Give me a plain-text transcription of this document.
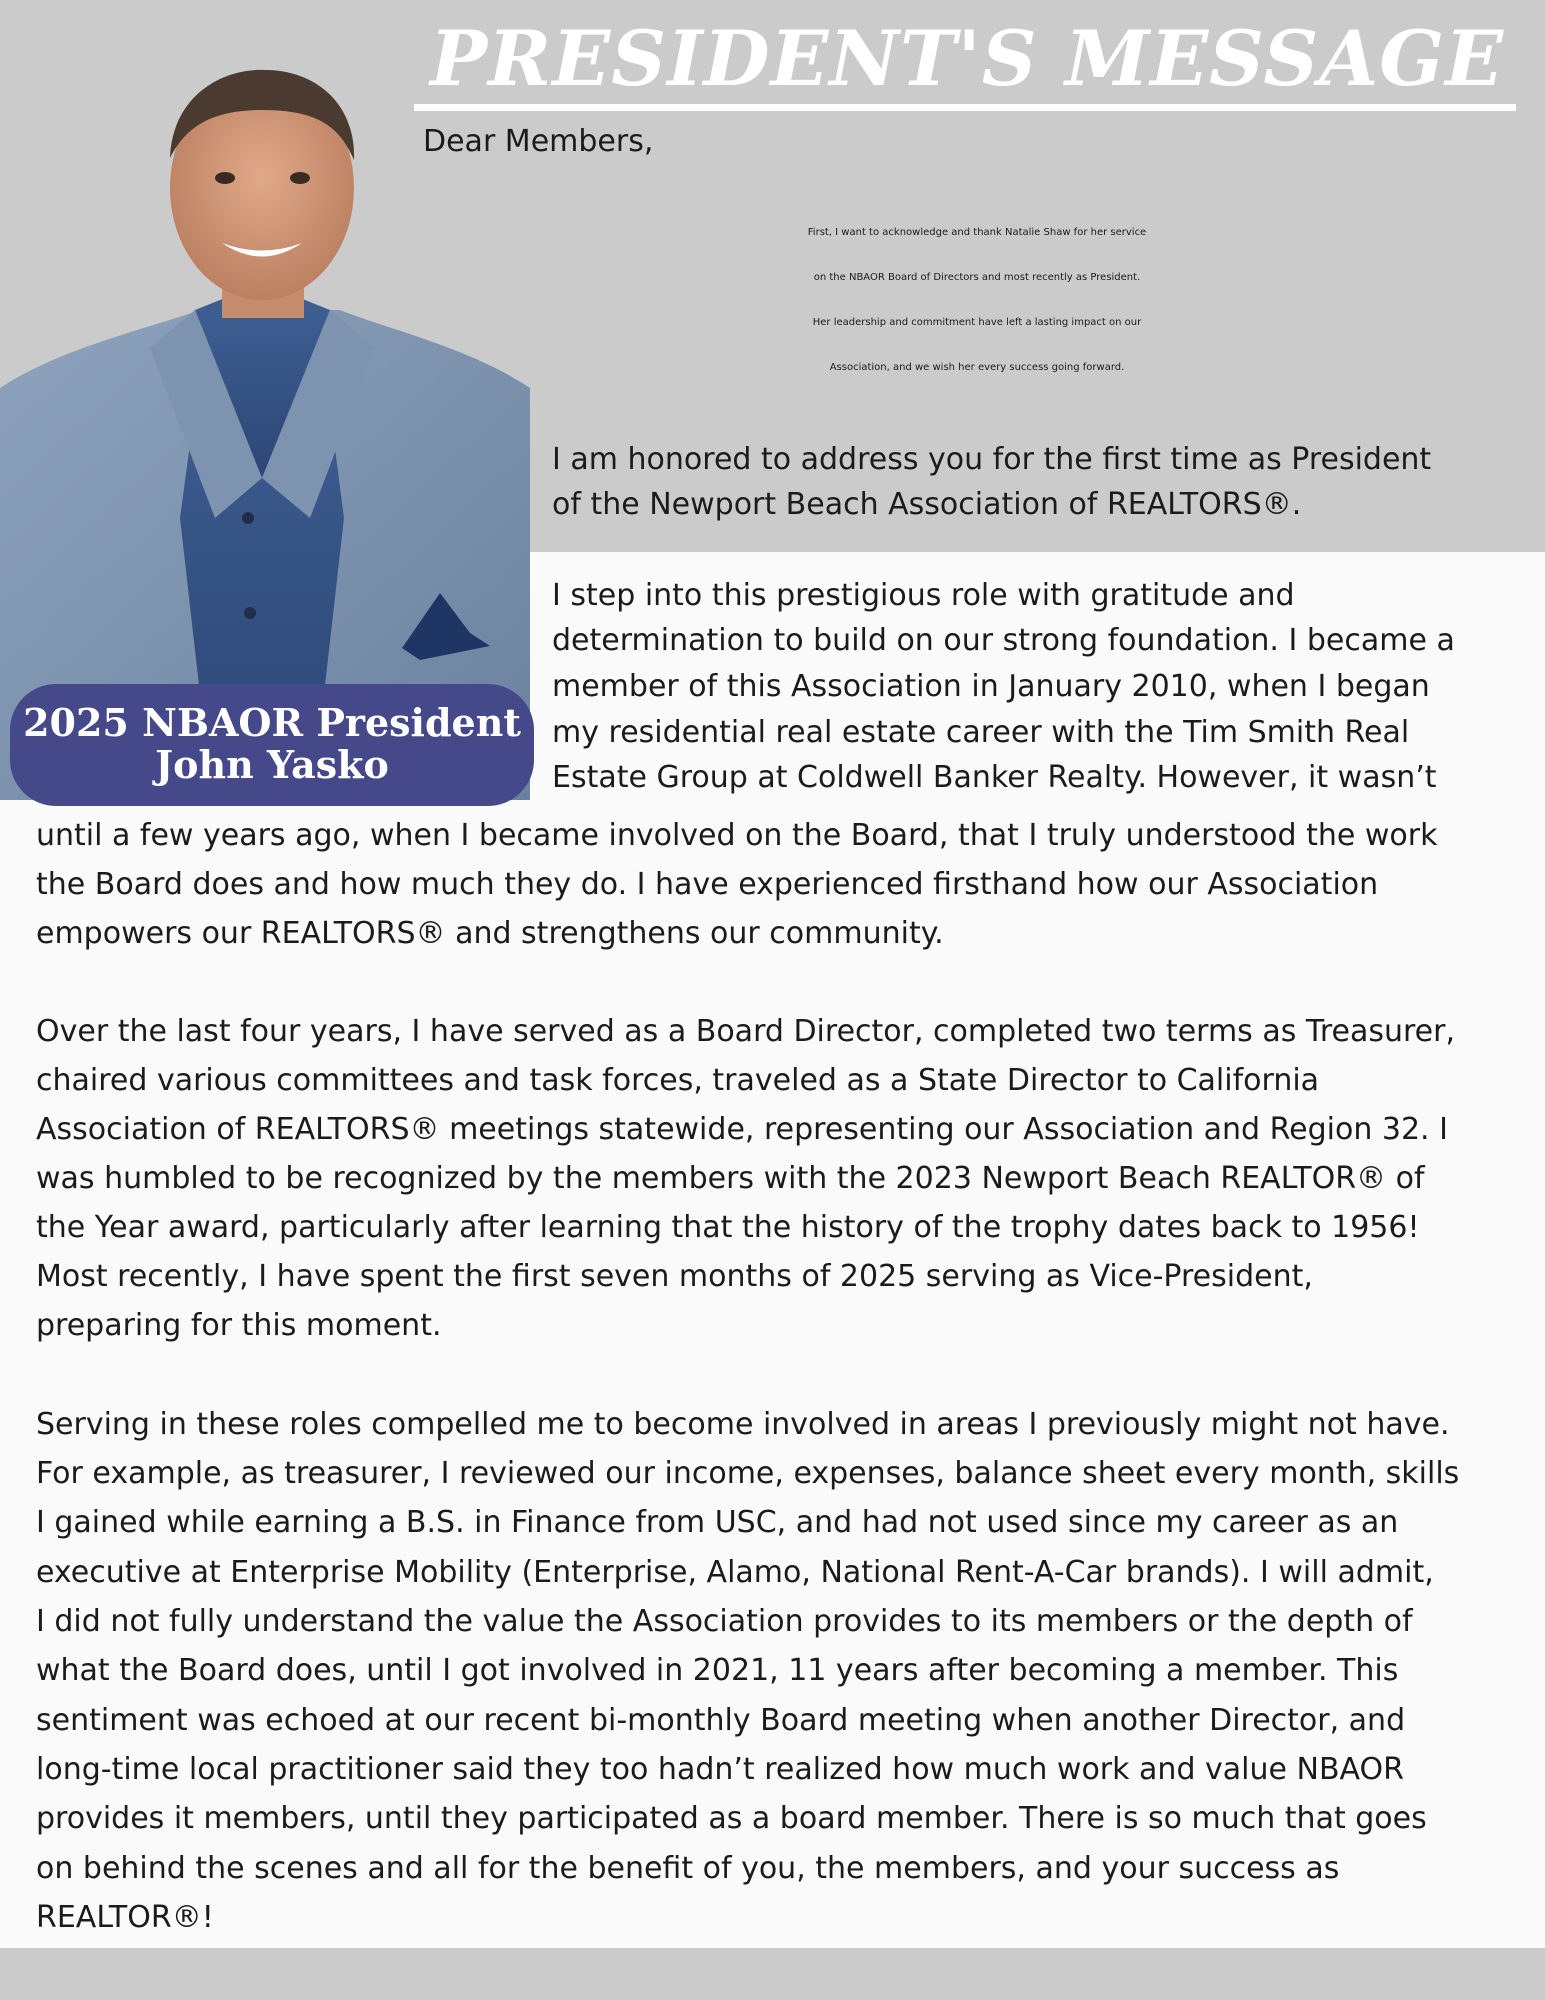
PRESIDENT'S MESSAGE
2025 NBAOR President
John Yasko

Dear Members,

First, I want to acknowledge and thank Natalie Shaw for her service

on the NBAOR Board of Directors and most recently as President.

Her leadership and commitment have left a lasting impact on our

Association, and we wish her every success going forward.

I am honored to address you for the first time as President

of the Newport Beach Association of REALTORS®.

I step into this prestigious role with gratitude and

determination to build on our strong foundation. I became a

member of this Association in January 2010, when I began

my residential real estate career with the Tim Smith Real

Estate Group at Coldwell Banker Realty. However, it wasn’t

until a few years ago, when I became involved on the Board, that I truly understood the work

the Board does and how much they do. I have experienced firsthand how our Association

empowers our REALTORS® and strengthens our community.

Over the last four years, I have served as a Board Director, completed two terms as Treasurer,

chaired various committees and task forces, traveled as a State Director to California

Association of REALTORS® meetings statewide, representing our Association and Region 32. I

was humbled to be recognized by the members with the 2023 Newport Beach REALTOR® of

the Year award, particularly after learning that the history of the trophy dates back to 1956!

Most recently, I have spent the first seven months of 2025 serving as Vice-President,

preparing for this moment.

Serving in these roles compelled me to become involved in areas I previously might not have.

For example, as treasurer, I reviewed our income, expenses, balance sheet every month, skills

I gained while earning a B.S. in Finance from USC, and had not used since my career as an

executive at Enterprise Mobility (Enterprise, Alamo, National Rent-A-Car brands). I will admit,

I did not fully understand the value the Association provides to its members or the depth of

what the Board does, until I got involved in 2021, 11 years after becoming a member. This

sentiment was echoed at our recent bi-monthly Board meeting when another Director, and

long-time local practitioner said they too hadn’t realized how much work and value NBAOR

provides it members, until they participated as a board member. There is so much that goes

on behind the scenes and all for the benefit of you, the members, and your success as

REALTOR®!
